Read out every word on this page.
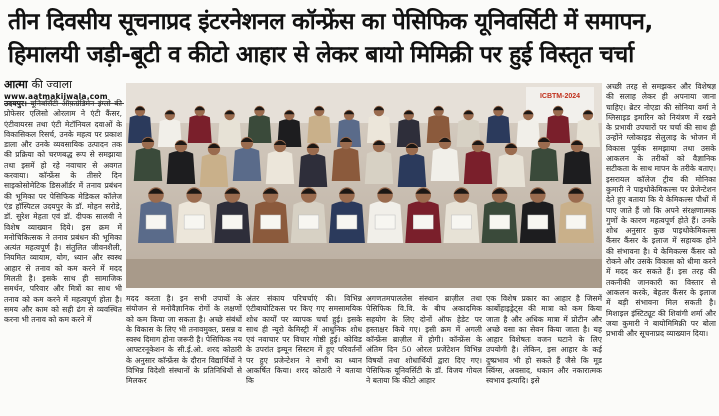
तीन दिवसीय सूचनाप्रद इंटरनेशनल कॉन्फ्रेंस का पेसिफिक यूनिवर्सिटी में समापन,
हिमालयी जड़ी-बूटी व कीटो आहार से लेकर बायो मिमिक्री पर हुई विस्तृत चर्चा
आत्मा की ज्वाला
www.aatmakijwala.com

उदयपुर। यूनिवर्सिटी ऑफ़ग्रेडिमेन इंग्लो की प्रोफेसर एलिसो ओरलाम ने एंटी कैंसर, एंटीवायरस तथा एंटी मेटॉनियल दवाओं के विकासिकल रिसर्च, उनके महत्व पर प्रकाश डाला और उनके व्यवसायिक उत्पादन तक की प्रक्रिया को चरणबद्ध रूप से समझाया तथा इसमें हो रहे नवाचार से अवगत करवाया। कॉन्फ्रेंस के तीसरे दिन साइकोसोमेटिक डिसऑर्डर में तनाव प्रबंधन की भूमिका पर पेसिफिक मेडिकल कॉलेज एंड हॉस्पिटल उदयपुर के डॉ. मोहन सरोडे, डॉ. सुरेश मेहता एवं डॉ. दीपक सालवी ने विशेष व्याख्यान दिये। इस क्रम में मनोचिकित्सक ने तनाव प्रबंधन की भूमिका अत्यंत महत्वपूर्ण है। संतुलित जीवनशैली, नियमित व्यायाम, योग, ध्यान और स्वस्थ आहार से तनाव को कम करने में मदद मिलती है। इसके साथ ही सामाजिक समर्थन, परिवार और मित्रों का साथ भी तनाव को कम करने में महत्वपूर्ण होता है। समय और काम को सही ढंग से व्यवस्थित करना भी तनाव को कम करने में

ICBTM-2024

मदद करता है। इन सभी उपायों के संयोजन से मनोवैज्ञानिक रोगों के लक्षणों को कम किया जा सकता है। अच्छे संबंधों के विकास के लिए भी तनावमुक्त, प्रसन्न व स्वस्थ दिमाग होना जरूरी है। पेसिफिक नय आफ्टरनूकेशन के सी.ई.ओ. शरद कोठारी के अनुसार कॉन्फ्रेंस के दौरान विद्यार्थियों ने विभिन्न विदेशी संस्थानों के प्रतिनिधियों से मिलकर

अंतर संकाय परिचर्चाएं की। विभिन्न एंटीबायोटिकस पर किए गए समसामयिक शोध कार्यों पर व्यापक चर्चा हुई। इसके साथ ही न्यूरो केमिस्ट्री में आधुनिक शोध एवं नवाचार पर विचार गोष्ठी हुई। कोविड के उपरांत इम्यून सिस्टम में हुए परिवर्तनों पर हुए प्रजेन्टेशन ने सभी का ध्यान आकर्षित किया। शरद कोठारी ने बताया कि

अगणतमपाललेस संस्थान ब्राज़ील तथा पेसिफिक वि.वि. के बीच अकादमिक सहयोग के लिए दोनों ऑफ हेडेट पर हस्ताक्षर किये गए। इसी क्रम में अगली कॉन्फ्रेंस ब्राज़ील में होगी। कॉन्फ्रेंस के अंतिम दिन 50 ओरल प्रजेंटेशन विभिन्न विषयों तथा शोधार्थियों द्वारा दिए गए। पेसिफिक यूनिवर्सिटी के डॉ. विजय गोयल ने बताया कि कीटो आहार

एक विशेष प्रकार का आहार है जिसमें कार्बोहाइड्रेट्स की मात्रा को कम किया जाता है और अधिक मात्रा में प्रोटीन और अच्छे वसा का सेवन किया जाता है। यह आहार विशेषतः वजन घटाने के लिए उपयोगी है। लेकिन, इस आहार के कई दुष्प्रभाव भी हो सकते हैं जैसे कि मूड स्विंग्स, अवसाद, थकान और नकारात्मक स्वभाव इत्यादि। इसे

अच्छी तरह से समझकर और विशेषज्ञ की सलाह लेकर ही अपनाया जाना चाहिए। ब्रेटर नोएडा की सोनिया वर्मा ने ग्लिसाइड इमारिन को नियंत्रण में रखने के प्रभावी उपचारों पर चर्चा की साथ ही उन्होंने ग्लोकाइड सेलुलाइ के भोजन में विकास पूर्वक समझाया तथा उसके आकलन के तरीकों को वैज्ञानिक सटीकता के साथ मापन के तरीके बताए। इसरायल कॉलेज ट्रीय की मोनिका कुमारी ने पाइथोकेमिकल्स पर प्रेजेन्टेशन देते हुए बताया कि ये केमिकल्स पौधों में पाए जाते हैं जो कि अपने संरक्षणात्मक गुणों के कारण महत्वपूर्ण होते हैं। उनके शोध अनुसार कुछ पाइथोकेमिकल्स कैंसर कैंसर के इलाज में सहायक होने की संभावना है। ये केमिकल्स कैंसर को रोकने और उसके विकास को धीमा करने में मदद कर सकते हैं। इस तरह की तकनीकी जानकारी का विस्तार से आकलन करके, बेहतर कैंसर के इलाज में बड़ी संभावना मिल सकती है। मिशाइल इंस्टिट्यूट की शिवांगी शर्मा और जया कुमारी ने बायोमिमिक्री पर बोला प्रभावी और सूचनाप्रद व्याख्यान दिया।
